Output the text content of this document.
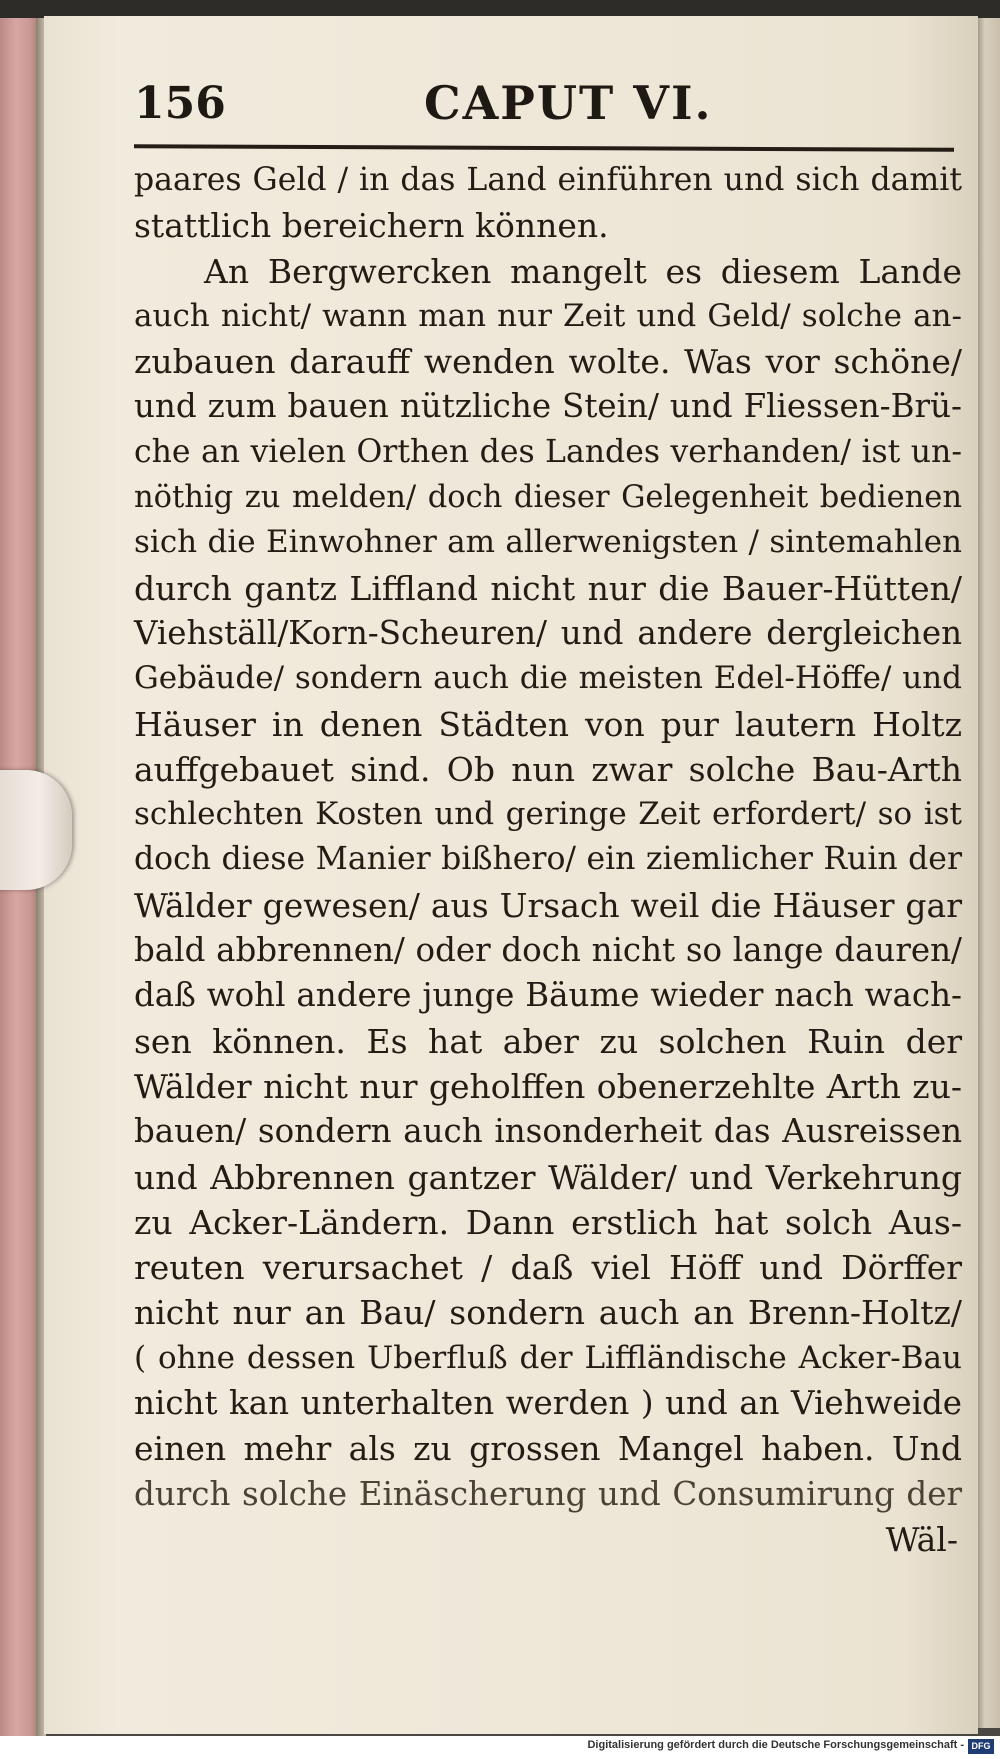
156	CAPUT VI.
paares Geld / in das Land einführen und sich damit
stattlich bereichern können.
An Bergwercken mangelt es diesem Lande
auch nicht/ wann man nur Zeit und Geld/ solche an-
zubauen darauff wenden wolte. Was vor schöne/
und zum bauen nützliche Stein/ und Fliessen-Brü-
che an vielen Orthen des Landes verhanden/ ist un-
nöthig zu melden/ doch dieser Gelegenheit bedienen
sich die Einwohner am allerwenigsten / sintemahlen
durch gantz Liffland nicht nur die Bauer-Hütten/
Viehställ/Korn-Scheuren/ und andere dergleichen
Gebäude/ sondern auch die meisten Edel-Höffe/ und
Häuser in denen Städten von pur lautern Holtz
auffgebauet sind. Ob nun zwar solche Bau-Arth
schlechten Kosten und geringe Zeit erfordert/ so ist
doch diese Manier bißhero/ ein ziemlicher Ruin der
Wälder gewesen/ aus Ursach weil die Häuser gar
bald abbrennen/ oder doch nicht so lange dauren/
daß wohl andere junge Bäume wieder nach wach-
sen können. Es hat aber zu solchen Ruin der
Wälder nicht nur geholffen obenerzehlte Arth zu-
bauen/ sondern auch insonderheit das Ausreissen
und Abbrennen gantzer Wälder/ und Verkehrung
zu Acker-Ländern. Dann erstlich hat solch Aus-
reuten verursachet / daß viel Höff und Dörffer
nicht nur an Bau/ sondern auch an Brenn-Holtz/
( ohne dessen Uberfluß der Liffländische Acker-Bau
nicht kan unterhalten werden ) und an Viehweide
einen mehr als zu grossen Mangel haben. Und
durch solche Einäscherung und Consumirung der
Wäl-
Digitalisierung gefördert durch die Deutsche Forschungsgemeinschaft - DFG
